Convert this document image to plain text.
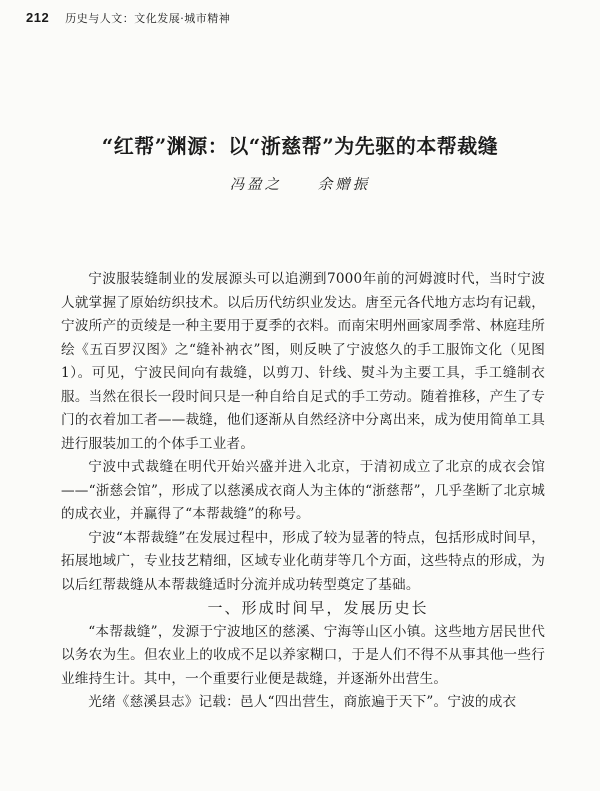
212 历史与人文：文化发展·城市精神
“红帮”渊源：以“浙慈帮”为先驱的本帮裁缝
冯盈之 余赠振

宁波服装缝制业的发展源头可以追溯到7000年前的河姆渡时代，当时宁波人就掌握了原始纺织技术。以后历代纺织业发达。唐至元各代地方志均有记载，宁波所产的贡绫是一种主要用于夏季的衣料。而南宋明州画家周季常、林庭珪所绘《五百罗汉图》之“缝补衲衣”图，则反映了宁波悠久的手工服饰文化（见图1）。可见，宁波民间向有裁缝，以剪刀、针线、熨斗为主要工具，手工缝制衣服。当然在很长一段时间只是一种自给自足式的手工劳动。随着推移，产生了专门的衣着加工者——裁缝，他们逐渐从自然经济中分离出来，成为使用简单工具进行服装加工的个体手工业者。

宁波中式裁缝在明代开始兴盛并进入北京，于清初成立了北京的成衣会馆——“浙慈会馆”，形成了以慈溪成衣商人为主体的“浙慈帮”，几乎垄断了北京城的成衣业，并赢得了“本帮裁缝”的称号。

宁波“本帮裁缝”在发展过程中，形成了较为显著的特点，包括形成时间早，拓展地域广，专业技艺精细，区域专业化萌芽等几个方面，这些特点的形成，为以后红帮裁缝从本帮裁缝适时分流并成功转型奠定了基础。

一、形成时间早，发展历史长

“本帮裁缝”，发源于宁波地区的慈溪、宁海等山区小镇。这些地方居民世代以务农为生。但农业上的收成不足以养家糊口，于是人们不得不从事其他一些行业维持生计。其中，一个重要行业便是裁缝，并逐渐外出营生。

光绪《慈溪县志》记载：邑人“四出营生，商旅遍于天下”。宁波的成衣
